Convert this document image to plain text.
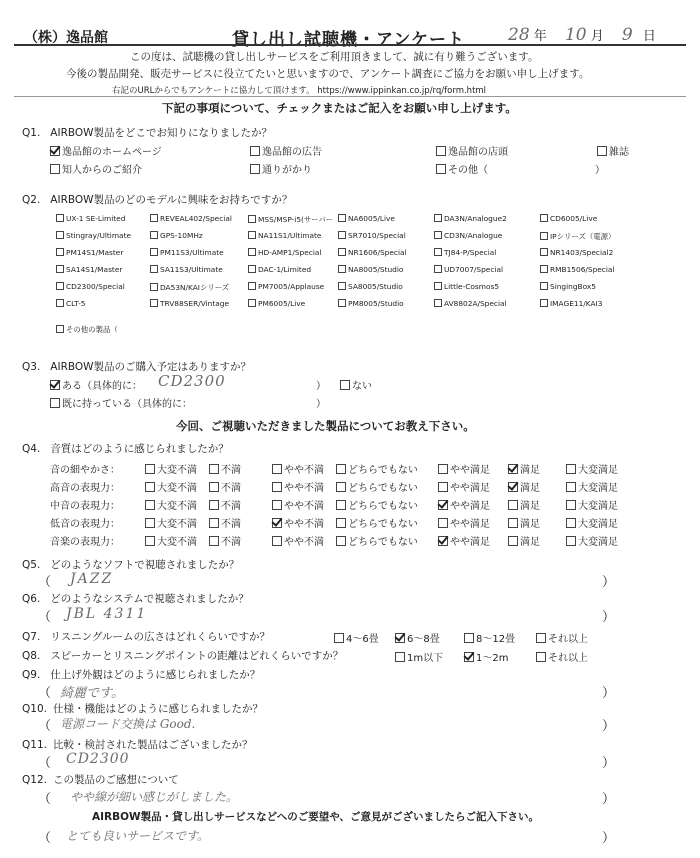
（株）逸品館	貸し出し試聴機・アンケート	28 年 10 月 9 日
この度は、試聴機の貸し出しサービスをご利用頂きまして、誠に有り難うございます。
今後の製品開発、販売サービスに役立てたいと思いますので、アンケート調査にご協力をお願い申し上げます。
右記のURLからでもアンケートに協力して頂けます。 https://www.ippinkan.co.jp/rq/form.html
下記の事項について、チェックまたはご記入をお願い申し上げます。
Q1. AIRBOW製品をどこでお知りになりましたか？
逸品館のホームページ	逸品館の広告	逸品館の店頭	雑誌
知人からのご紹介	通りがかり	その他（	）
Q2. AIRBOW製品のどのモデルに興味をお持ちですか？
UX-1 SE-Limited	REVEAL402/Special	MSS/MSP-i5(サーバー	NA6005/Live	DA3N/Analogue2	CD6005/Live
Stingray/Ultimate	GPS-10MHz	NA11S1/Ultimate	SR7010/Special	CD3N/Analogue	IPシリーズ（電源）
PM14S1/Master	PM11S3/Ultimate	HD-AMP1/Special	NR1606/Special	TJ84-P/Special	NR1403/Special2
SA14S1/Master	SA11S3/Ultimate	DAC-1/Limited	NA8005/Studio	UD7007/Special	RMB1506/Special
CD2300/Special	DA53N/KAIシリーズ	PM7005/Applause	SA8005/Studio	Little-Cosmos5	SingingBox5
CLT-5	TRV88SER/Vintage	PM6005/Live	PM8005/Studio	AV8802A/Special	IMAGE11/KAI3
その他の製品（
Q3. AIRBOW製品のご購入予定はありますか？
ある（具体的に： CD2300	）	ない
既に持っている（具体的に：	）
今回、ご視聴いただきました製品についてお教え下さい。
Q4. 音質はどのように感じられましたか？
音の細やかさ：	大変不満	不満	やや不満	どちらでもない	やや満足	満足	大変満足
高音の表現力：	大変不満	不満	やや不満	どちらでもない	やや満足	満足	大変満足
中音の表現力：	大変不満	不満	やや不満	どちらでもない	やや満足	満足	大変満足
低音の表現力：	大変不満	不満	やや不満	どちらでもない	やや満足	満足	大変満足
音楽の表現力：	大変不満	不満	やや不満	どちらでもない	やや満足	満足	大変満足
Q5. どのようなソフトで視聴されましたか？
（ JAZZ	）
Q6. どのようなシステムで視聴されましたか？
（ JBL 4311	）
Q7. リスニングルームの広さはどれくらいですか？	4～6畳	6～8畳	8～12畳	それ以上
Q8. スピーカーとリスニングポイントの距離はどれくらいですか？	1m以下	1～2m	それ以上
Q9. 仕上げ外観はどのように感じられましたか？
（ 綺麗です。	）
Q10. 仕様・機能はどのように感じられましたか？
（ 電源コード交換は Good.	）
Q11. 比較・検討された製品はございましたか？
（ CD2300	）
Q12. この製品のご感想について
（ やや線が細い感じがしました。	）
AIRBOW製品・貸し出しサービスなどへのご要望や、ご意見がございましたらご記入下さい。
（ とても良いサービスです。	）
